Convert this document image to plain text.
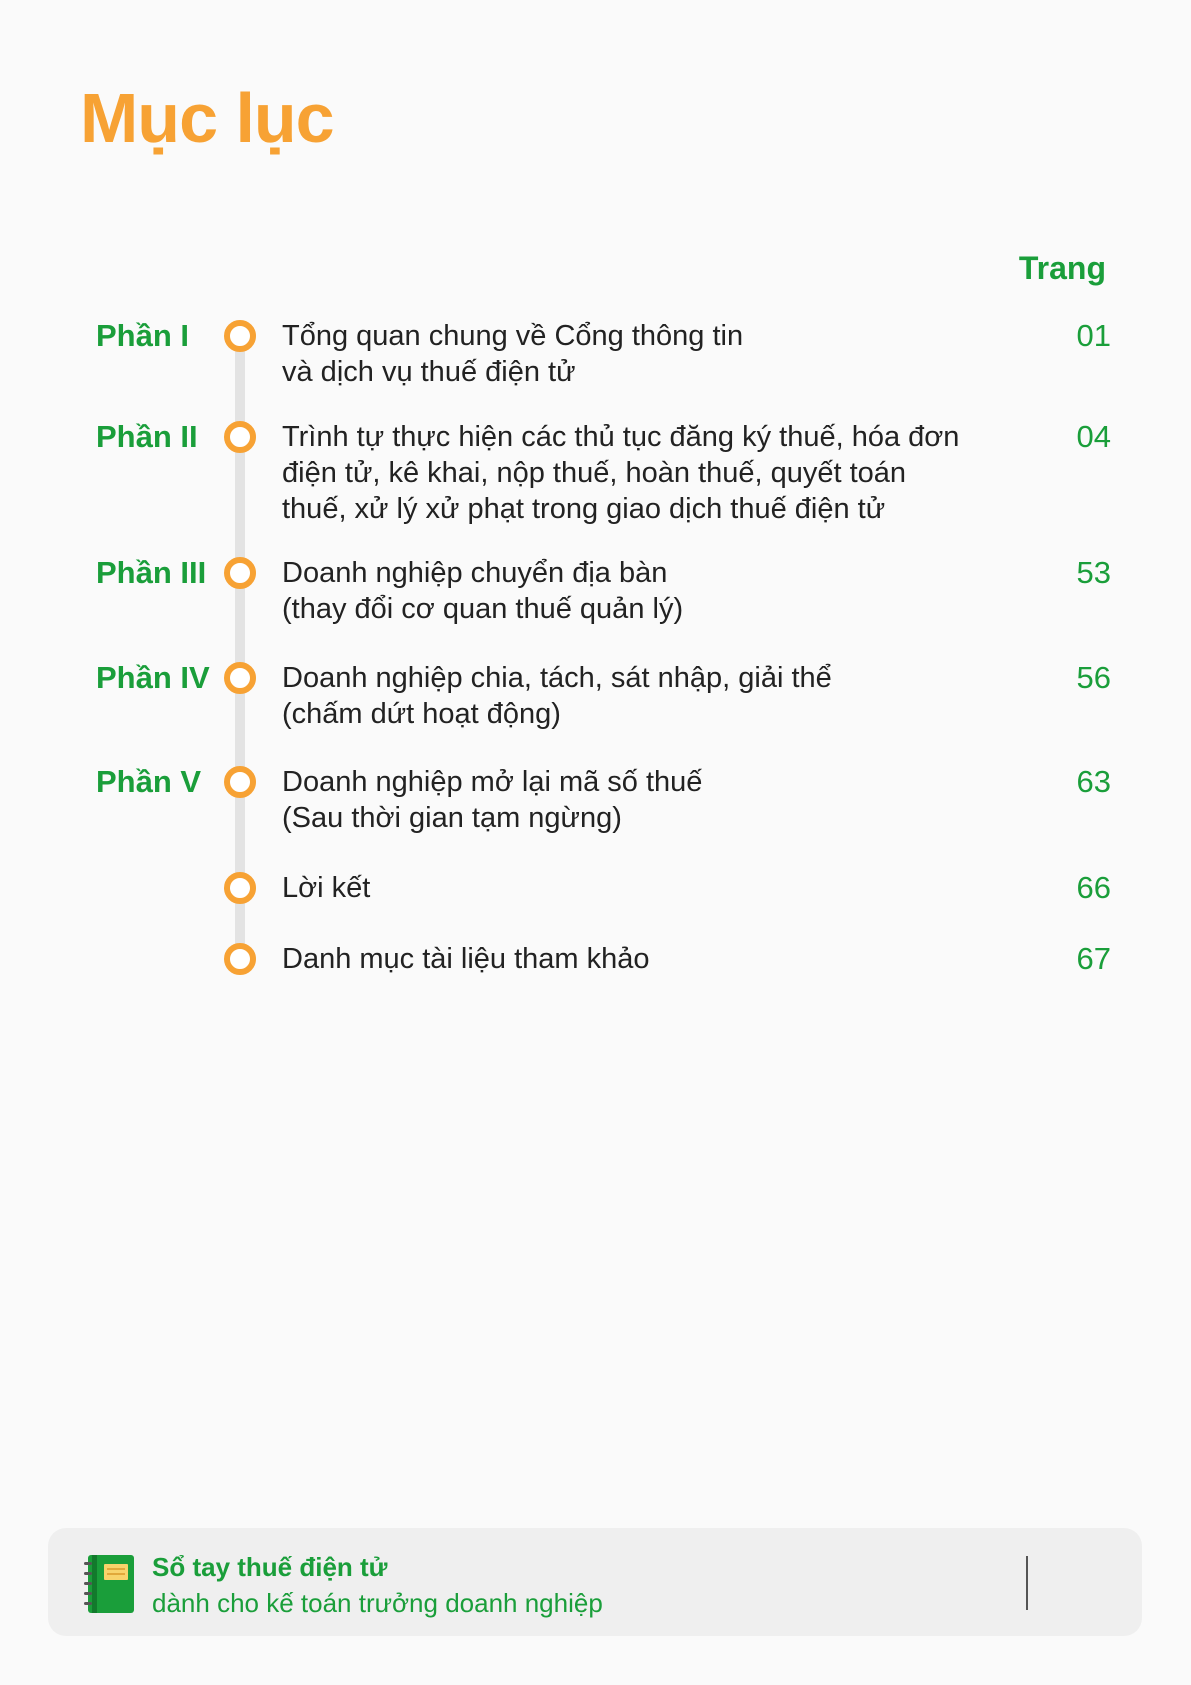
Mục lục
Trang
Phần I	Tổng quan chung về Cổng thông tin
và dịch vụ thuế điện tử
01
Phần II	Trình tự thực hiện các thủ tục đăng ký thuế, hóa đơn
điện tử, kê khai, nộp thuế, hoàn thuế, quyết toán
thuế, xử lý xử phạt trong giao dịch thuế điện tử
04
Phần III	Doanh nghiệp chuyển địa bàn
(thay đổi cơ quan thuế quản lý)
53
Phần IV Doanh nghiệp chia, tách, sát nhập, giải thể
(chấm dứt hoạt động)
56
Phần V	Doanh nghiệp mở lại mã số thuế
(Sau thời gian tạm ngừng)
63
Lời kết	66
Danh mục tài liệu tham khảo	67
Sổ tay thuế điện tử
dành cho kế toán trưởng doanh nghiệp
